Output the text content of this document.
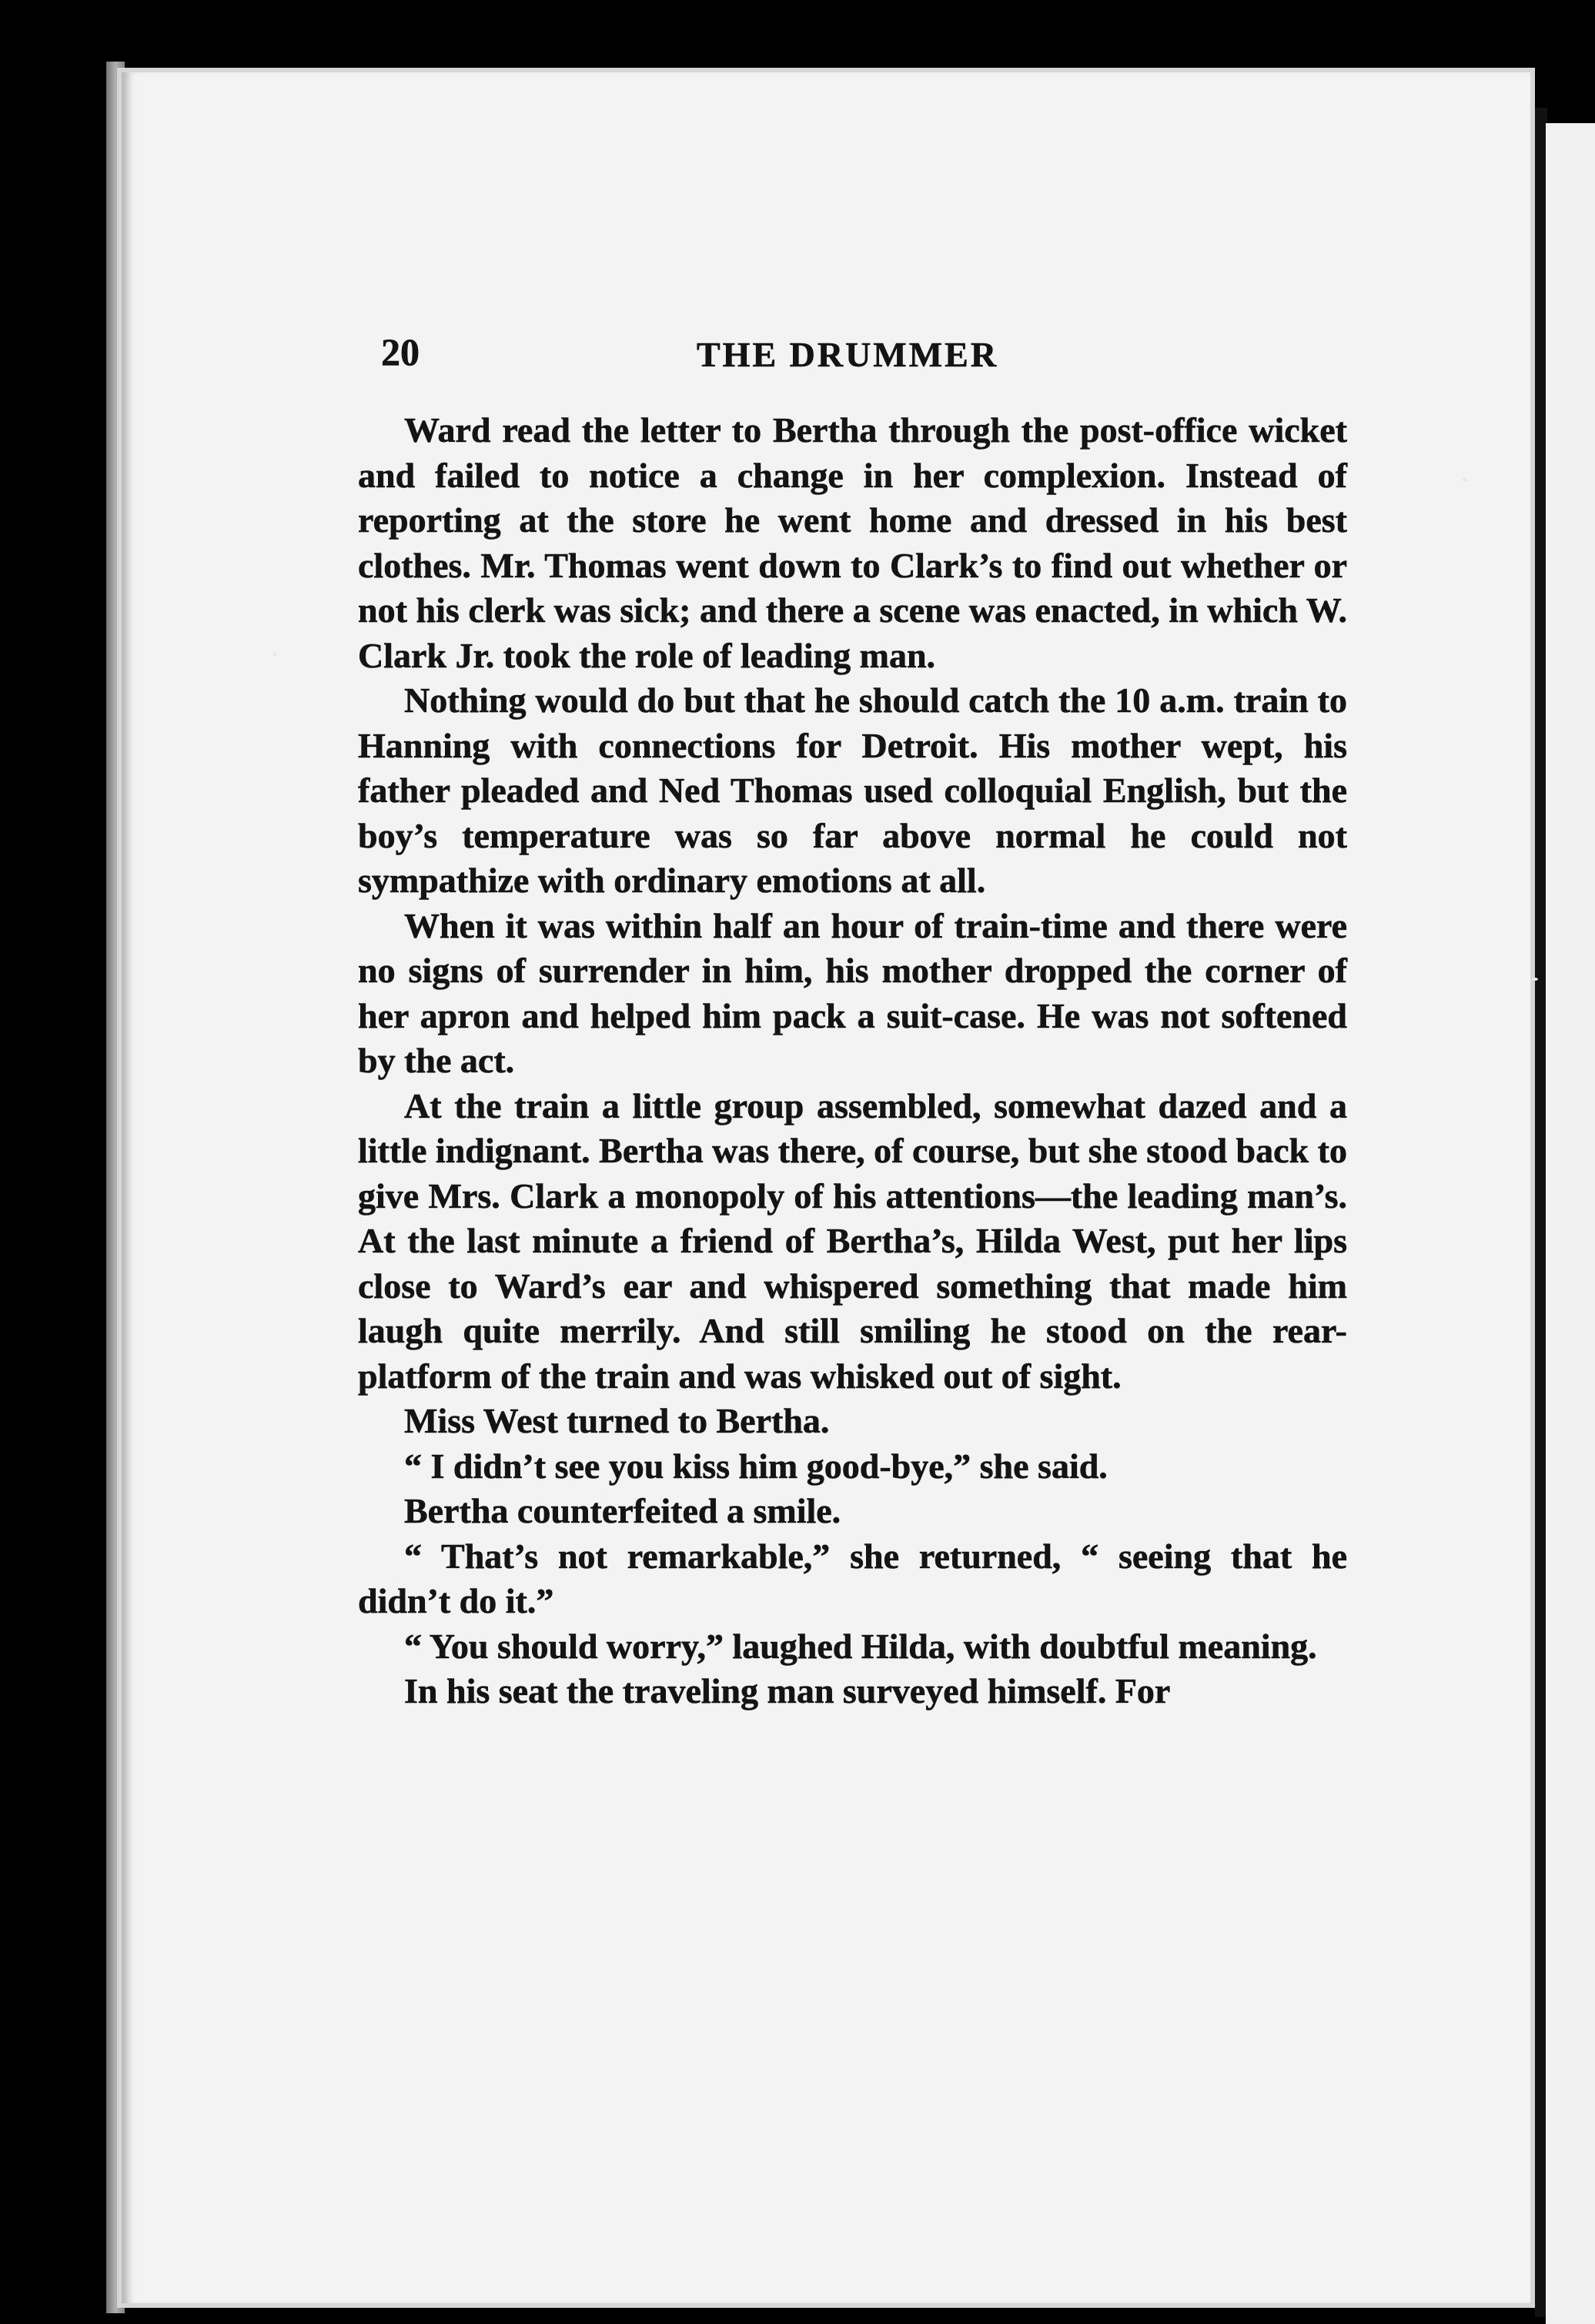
20	THE DRUMMER

Ward read the letter to Bertha through the post-office wicket and failed to notice a change in her complexion. Instead of reporting at the store he went home and dressed in his best clothes. Mr. Thomas went down to Clark’s to find out whether or not his clerk was sick; and there a scene was enacted, in which W. Clark Jr. took the role of leading man.

Nothing would do but that he should catch the 10 a.m. train to Hanning with connections for Detroit. His mother wept, his father pleaded and Ned Thomas used colloquial English, but the boy’s temperature was so far above normal he could not sympathize with ordinary emotions at all.

When it was within half an hour of train-time and there were no signs of surrender in him, his mother dropped the corner of her apron and helped him pack a suit-case. He was not softened by the act.

At the train a little group assembled, somewhat dazed and a little indignant. Bertha was there, of course, but she stood back to give Mrs. Clark a monopoly of his attentions—the leading man’s. At the last minute a friend of Bertha’s, Hilda West, put her lips close to Ward’s ear and whispered something that made him laugh quite merrily. And still smiling he stood on the rear-platform of the train and was whisked out of sight.

Miss West turned to Bertha.

“ I didn’t see you kiss him good-bye,” she said.

Bertha counterfeited a smile.

“ That’s not remarkable,” she returned, “ seeing that he didn’t do it.”

“ You should worry,” laughed Hilda, with doubtful meaning.

In his seat the traveling man surveyed himself. For
